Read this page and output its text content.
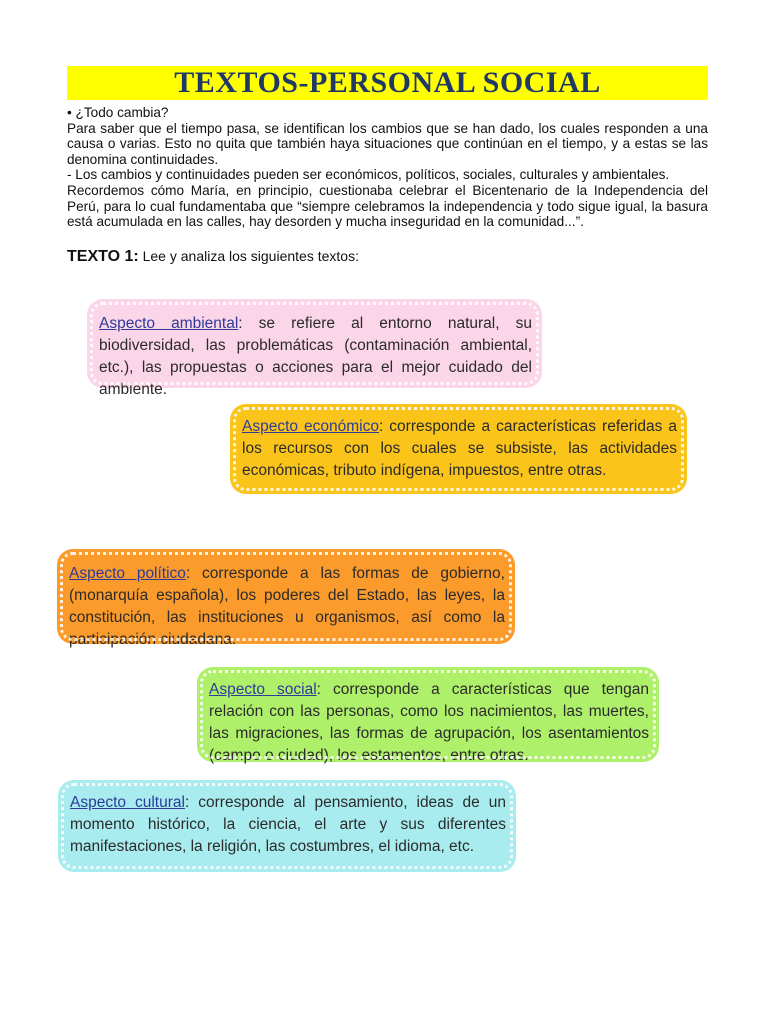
TEXTOS-PERSONAL SOCIAL

• ¿Todo cambia?

Para saber que el tiempo pasa, se identifican los cambios que se han dado, los cuales responden a una causa o varias. Esto no quita que también haya situaciones que continúan en el tiempo, y a estas se las denomina continuidades.

- Los cambios y continuidades pueden ser económicos, políticos, sociales, culturales y ambientales.

Recordemos cómo María, en principio, cuestionaba celebrar el Bicentenario de la Independencia del Perú, para lo cual fundamentaba que “siempre celebramos la independencia y todo sigue igual, la basura está acumulada en las calles, hay desorden y mucha inseguridad en la comunidad...”.

TEXTO 1: Lee y analiza los siguientes textos:
Aspecto ambiental: se refiere al entorno natural, su biodiversidad, las problemáticas (contaminación ambiental, etc.), las propuestas o acciones para el mejor cuidado del ambiente.
Aspecto económico: corresponde a características referidas a los recursos con los cuales se subsiste, las actividades económicas, tributo indígena, impuestos, entre otras.
Aspecto político: corresponde a las formas de gobierno, (monarquía española), los poderes del Estado, las leyes, la constitución, las instituciones u organismos, así como la participación ciudadana.
Aspecto social: corresponde a características que tengan relación con las personas, como los nacimientos, las muertes, las migraciones, las formas de agrupación, los asentamientos (campo o ciudad), los estamentos, entre otras.
Aspecto cultural: corresponde al pensamiento, ideas de un momento histórico, la ciencia, el arte y sus diferentes manifestaciones, la religión, las costumbres, el idioma, etc.
